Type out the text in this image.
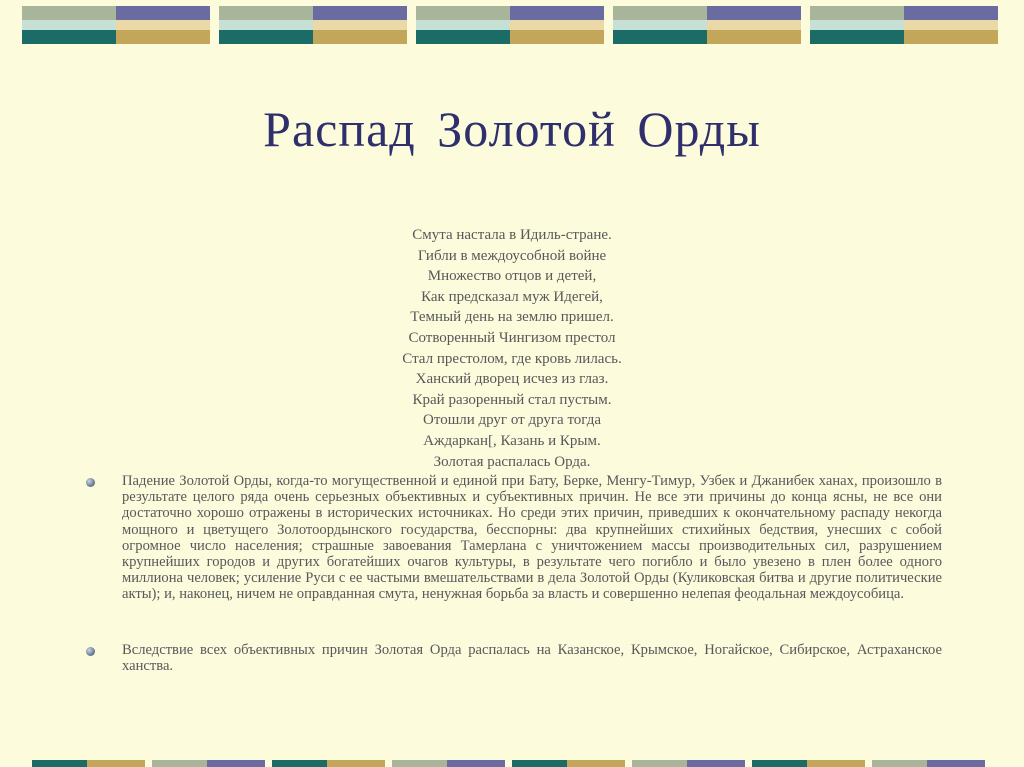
Распад Золотой Орды
Смута настала в Идиль-стране.
Гибли в междоусобной войне
Множество отцов и детей,
Как предсказал муж Идегей,
Темный день на землю пришел.
Сотворенный Чингизом престол
Стал престолом, где кровь лилась.
Ханский дворец исчез из глаз.
Край разоренный стал пустым.
Отошли друг от друга тогда
Аждаркан[, Казань и Крым.
Золотая распалась Орда.
Падение Золотой Орды, когда-то могущественной и единой при Бату, Берке, Менгу-Тимур, Узбек и Джанибек ханах, произошло в результате целого ряда очень серьезных объективных и субъективных причин. Не все эти причины до конца ясны, не все они достаточно хорошо отражены в исторических источниках. Но среди этих причин, приведших к окончательному распаду некогда мощного и цветущего Золотоордынского государства, бесспорны: два крупнейших стихийных бедствия, унесших с собой огромное число населения; страшные завоевания Тамерлана с уничтожением массы производительных сил, разрушением крупнейших городов и других богатейших очагов культуры, в результате чего погибло и было увезено в плен более одного миллиона человек; усиление Руси с ее частыми вмешательствами в дела Золотой Орды (Куликовская битва и другие политические акты); и, наконец, ничем не оправданная смута, ненужная борьба за власть и совершенно нелепая феодальная междоусобица.
Вследствие всех объективных причин Золотая Орда распалась на Казанское, Крымское, Ногайское, Сибирское, Астраханское ханства.
